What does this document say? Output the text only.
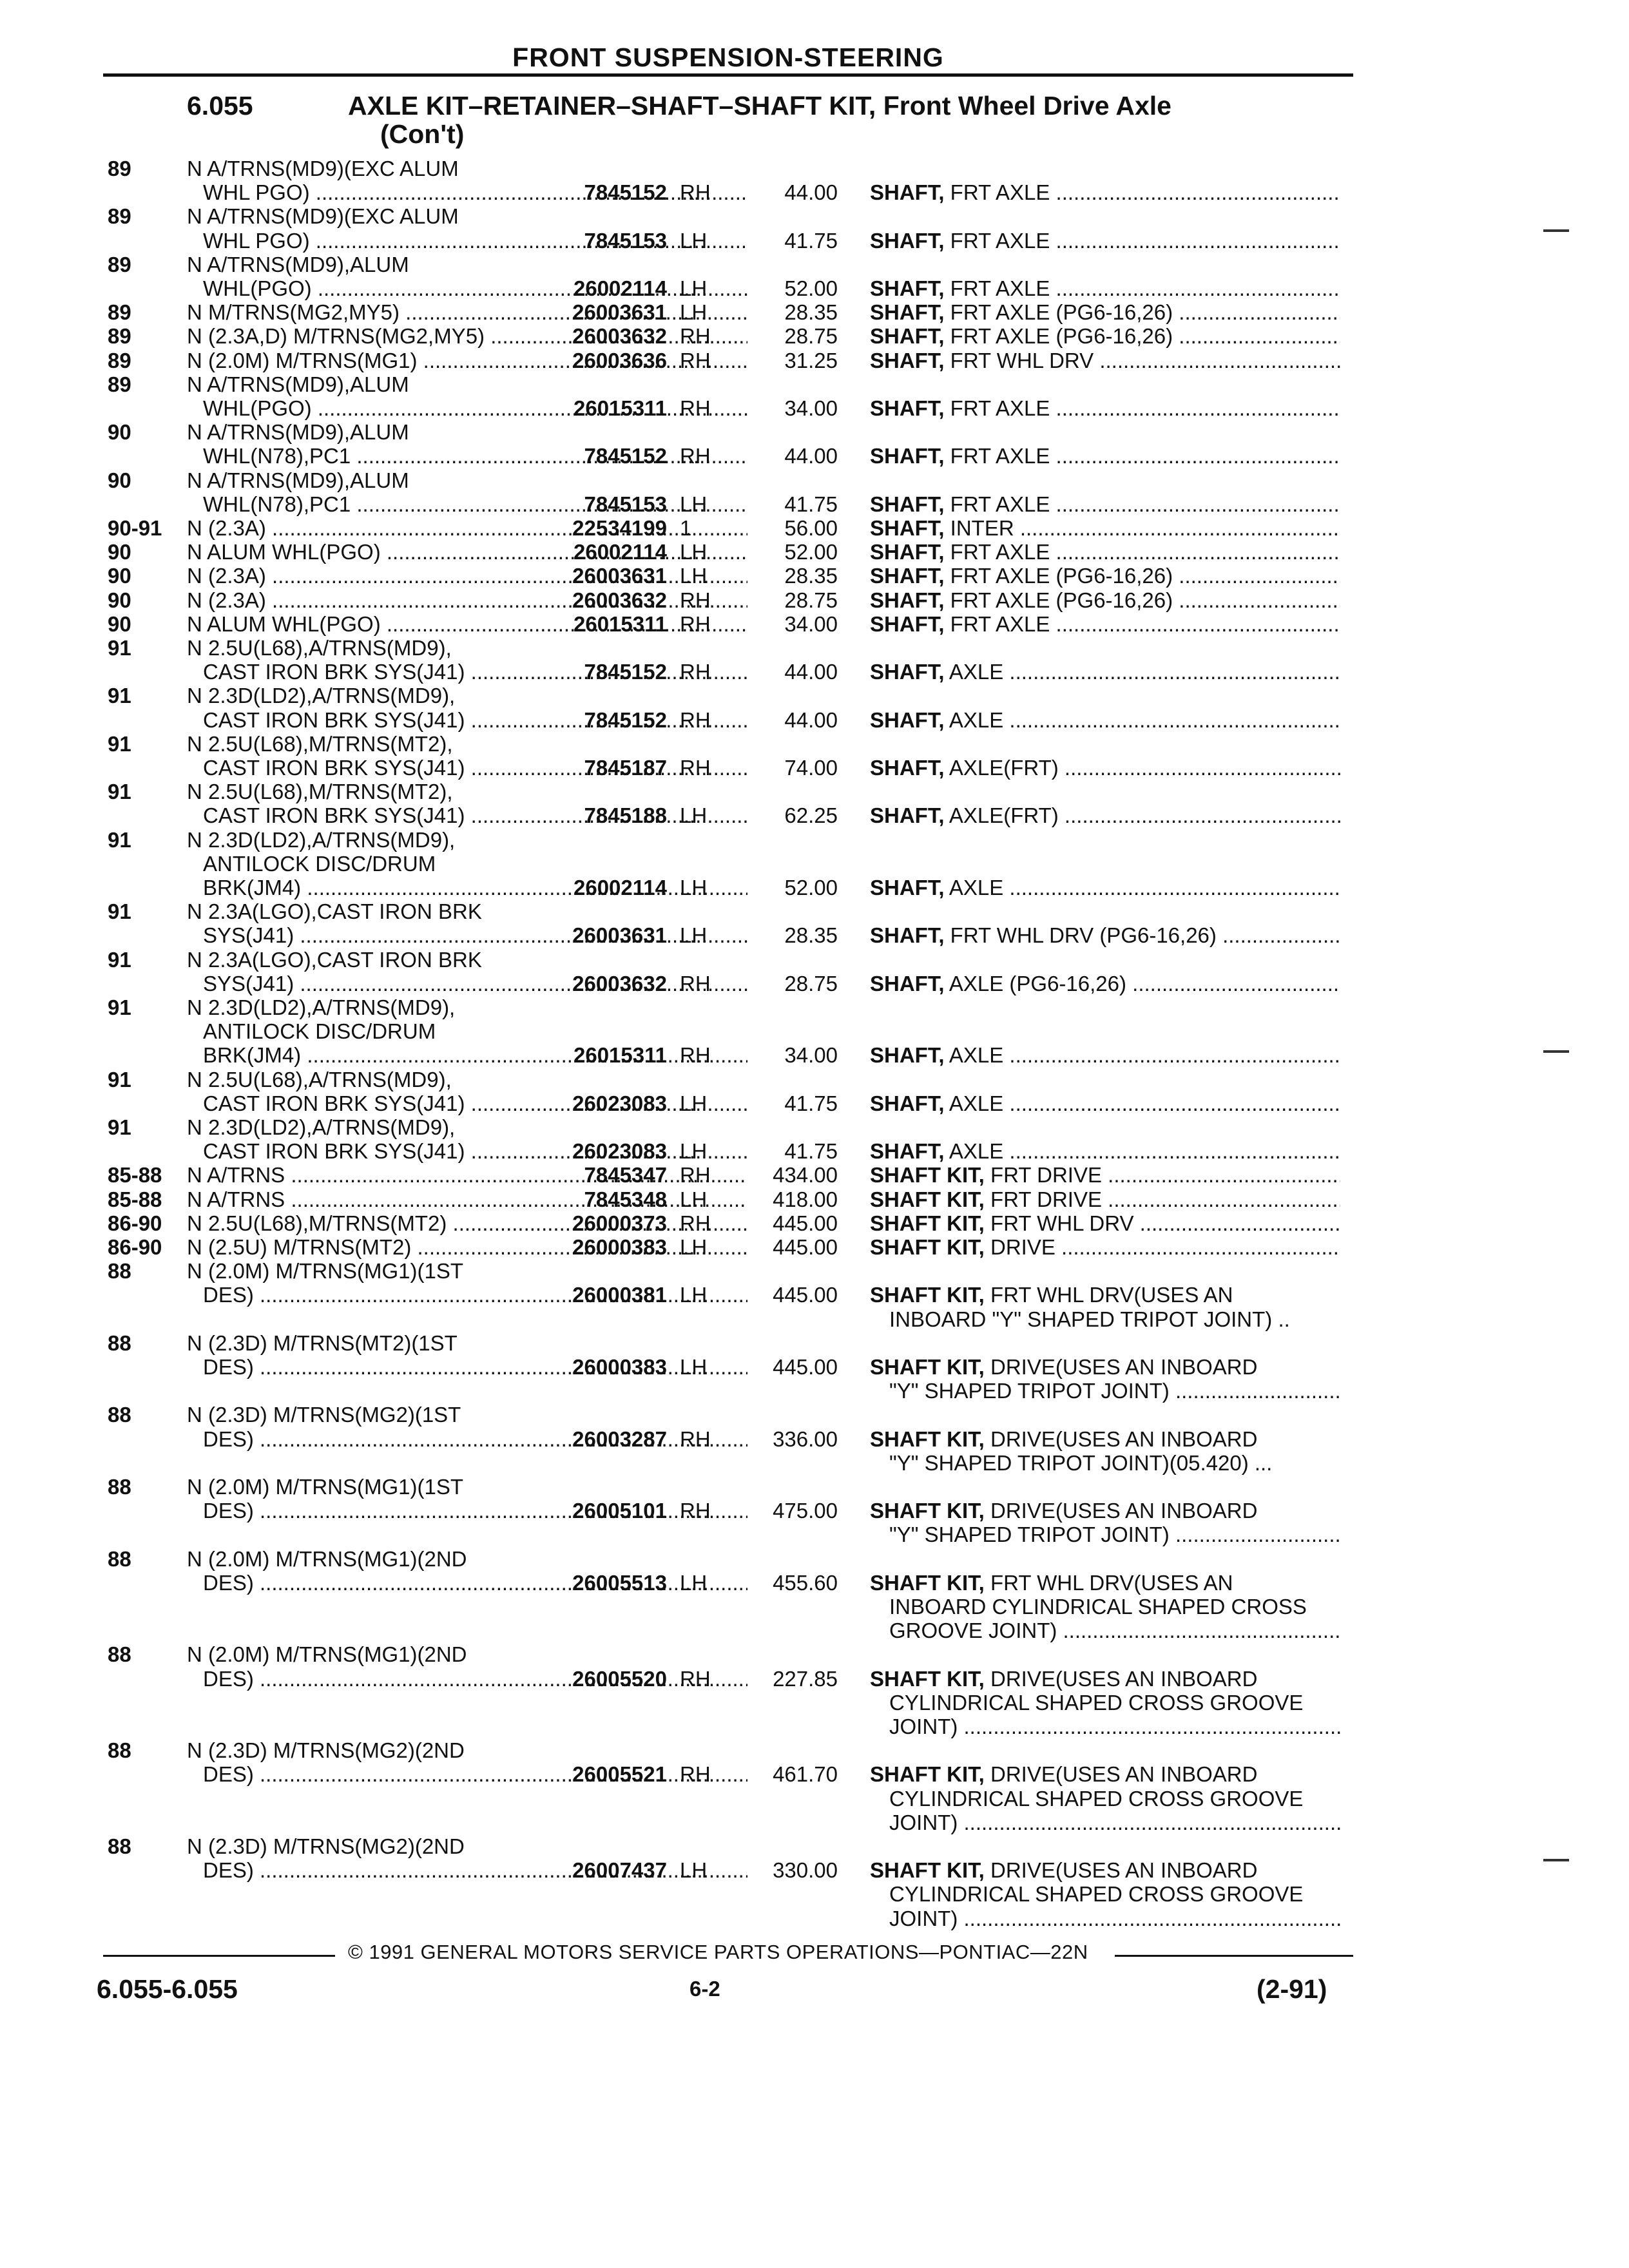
FRONT SUSPENSION-STEERING
6.055	AXLE KIT–RETAINER–SHAFT–SHAFT KIT, Front Wheel Drive Axle
(Con't)
89	N A/TRNS(MD9)(EXC ALUM
WHL PGO) .....	7845152 RH	44.00 SHAFT, FRT AXLE .....
89	N A/TRNS(MD9)(EXC ALUM
WHL PGO) .....	7845153 LH	41.75 SHAFT, FRT AXLE .....
89	N A/TRNS(MD9),ALUM
WHL(PGO) .....	26002114 LH	52.00 SHAFT, FRT AXLE .....
89	N M/TRNS(MG2,MY5) .....	26003631 LH	28.35 SHAFT, FRT AXLE (PG6-16,26) .....
89	N (2.3A,D) M/TRNS(MG2,MY5) .....	26003632 RH	28.75 SHAFT, FRT AXLE (PG6-16,26) .....
89	N (2.0M) M/TRNS(MG1) .....	26003636 RH	31.25 SHAFT, FRT WHL DRV .....
89	N A/TRNS(MD9),ALUM
WHL(PGO) .....	26015311 RH	34.00 SHAFT, FRT AXLE .....
90	N A/TRNS(MD9),ALUM
WHL(N78),PC1 .....	7845152 RH	44.00 SHAFT, FRT AXLE .....
90	N A/TRNS(MD9),ALUM
WHL(N78),PC1 .....	7845153 LH	41.75 SHAFT, FRT AXLE .....
90-91 N (2.3A) .....	22534199 1	56.00 SHAFT, INTER .....
90	N ALUM WHL(PGO) .....	26002114 LH	52.00 SHAFT, FRT AXLE .....
90	N (2.3A) .....	26003631 LH	28.35 SHAFT, FRT AXLE (PG6-16,26) .....
90	N (2.3A) .....	26003632 RH	28.75 SHAFT, FRT AXLE (PG6-16,26) .....
90	N ALUM WHL(PGO) .....	26015311 RH	34.00 SHAFT, FRT AXLE .....
91	N 2.5U(L68),A/TRNS(MD9),
CAST IRON BRK SYS(J41) .....	7845152 RH	44.00 SHAFT, AXLE .....
91	N 2.3D(LD2),A/TRNS(MD9),
CAST IRON BRK SYS(J41) .....	7845152 RH	44.00 SHAFT, AXLE .....
91	N 2.5U(L68),M/TRNS(MT2),
CAST IRON BRK SYS(J41) .....	7845187 RH	74.00 SHAFT, AXLE(FRT) .....
91	N 2.5U(L68),M/TRNS(MT2),
CAST IRON BRK SYS(J41) .....	7845188 LH	62.25 SHAFT, AXLE(FRT) .....
91	N 2.3D(LD2),A/TRNS(MD9),
ANTILOCK DISC/DRUM
BRK(JM4) .....	26002114 LH	52.00 SHAFT, AXLE .....
91	N 2.3A(LGO),CAST IRON BRK
SYS(J41) .....	26003631 LH	28.35 SHAFT, FRT WHL DRV (PG6-16,26) .....
91	N 2.3A(LGO),CAST IRON BRK
SYS(J41) .....	26003632 RH	28.75 SHAFT, AXLE (PG6-16,26) .....
91	N 2.3D(LD2),A/TRNS(MD9),
ANTILOCK DISC/DRUM
BRK(JM4) .....	26015311 RH	34.00 SHAFT, AXLE .....
91	N 2.5U(L68),A/TRNS(MD9),
CAST IRON BRK SYS(J41) .....	26023083 LH	41.75 SHAFT, AXLE .....
91	N 2.3D(LD2),A/TRNS(MD9),
CAST IRON BRK SYS(J41) .....	26023083 LH	41.75 SHAFT, AXLE .....
85-88 N A/TRNS .....	7845347 RH	434.00 SHAFT KIT, FRT DRIVE .....
85-88 N A/TRNS .....	7845348 LH	418.00 SHAFT KIT, FRT DRIVE .....
86-90 N 2.5U(L68),M/TRNS(MT2) .....	26000373 RH	445.00 SHAFT KIT, FRT WHL DRV .....
86-90 N (2.5U) M/TRNS(MT2) .....	26000383 LH	445.00 SHAFT KIT, DRIVE .....
88	N (2.0M) M/TRNS(MG1)(1ST
DES) .....	26000381 LH	445.00 SHAFT KIT, FRT WHL DRV(USES AN
INBOARD "Y" SHAPED TRIPOT JOINT) ..
88	N (2.3D) M/TRNS(MT2)(1ST
DES) .....	26000383 LH	445.00 SHAFT KIT, DRIVE(USES AN INBOARD
"Y" SHAPED TRIPOT JOINT) .....
88	N (2.3D) M/TRNS(MG2)(1ST
DES) .....	26003287 RH	336.00 SHAFT KIT, DRIVE(USES AN INBOARD
"Y" SHAPED TRIPOT JOINT)(05.420) ...
88	N (2.0M) M/TRNS(MG1)(1ST
DES) .....	26005101 RH	475.00 SHAFT KIT, DRIVE(USES AN INBOARD
"Y" SHAPED TRIPOT JOINT) .....
88	N (2.0M) M/TRNS(MG1)(2ND
DES) .....	26005513 LH	455.60 SHAFT KIT, FRT WHL DRV(USES AN
INBOARD CYLINDRICAL SHAPED CROSS
GROOVE JOINT) .....
88	N (2.0M) M/TRNS(MG1)(2ND
DES) .....	26005520 RH	227.85 SHAFT KIT, DRIVE(USES AN INBOARD
CYLINDRICAL SHAPED CROSS GROOVE
JOINT) .....
88	N (2.3D) M/TRNS(MG2)(2ND
DES) .....	26005521 RH	461.70 SHAFT KIT, DRIVE(USES AN INBOARD
CYLINDRICAL SHAPED CROSS GROOVE
JOINT) .....
88	N (2.3D) M/TRNS(MG2)(2ND
DES) .....	26007437 LH	330.00 SHAFT KIT, DRIVE(USES AN INBOARD
CYLINDRICAL SHAPED CROSS GROOVE
JOINT) .....
© 1991 GENERAL MOTORS SERVICE PARTS OPERATIONS—PONTIAC—22N
6.055-6.055	6-2	(2-91)
